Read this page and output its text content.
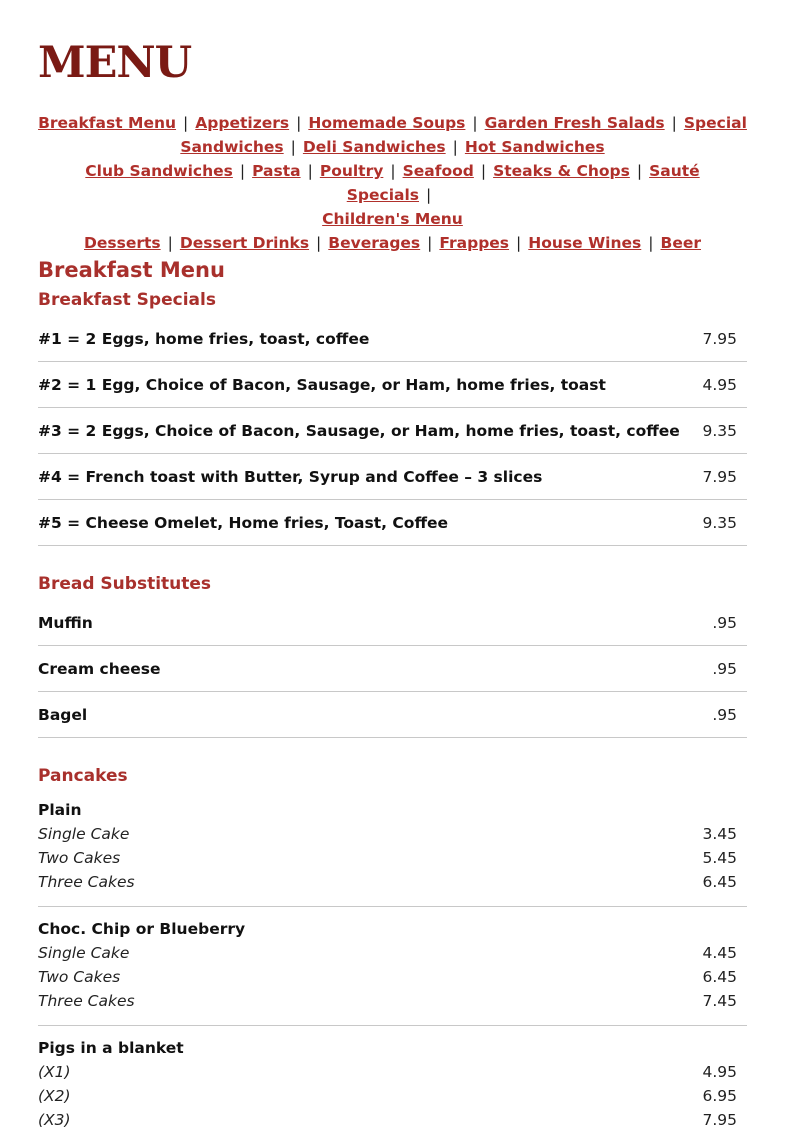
MENU
Breakfast Menu | Appetizers | Homemade Soups | Garden Fresh Salads | Special
Sandwiches | Deli Sandwiches | Hot Sandwiches
Club Sandwiches | Pasta | Poultry | Seafood | Steaks & Chops | Sauté Specials |
Children's Menu
Desserts | Dessert Drinks | Beverages | Frappes | House Wines | Beer
Breakfast Menu
Breakfast Specials
#1 = 2 Eggs, home fries, toast, coffee	7.95
#2 = 1 Egg, Choice of Bacon, Sausage, or Ham, home fries, toast	4.95
#3 = 2 Eggs, Choice of Bacon, Sausage, or Ham, home fries, toast, coffee 9.35
#4 = French toast with Butter, Syrup and Coffee – 3 slices	7.95
#5 = Cheese Omelet, Home fries, Toast, Coffee	9.35
Bread Substitutes
Muffin	.95
Cream cheese	.95
Bagel	.95
Pancakes
Plain
Single Cake	3.45
Two Cakes	5.45
Three Cakes	6.45
Choc. Chip or Blueberry
Single Cake	4.45
Two Cakes	6.45
Three Cakes	7.45
Pigs in a blanket
(X1)	4.95
(X2)	6.95
(X3)	7.95
